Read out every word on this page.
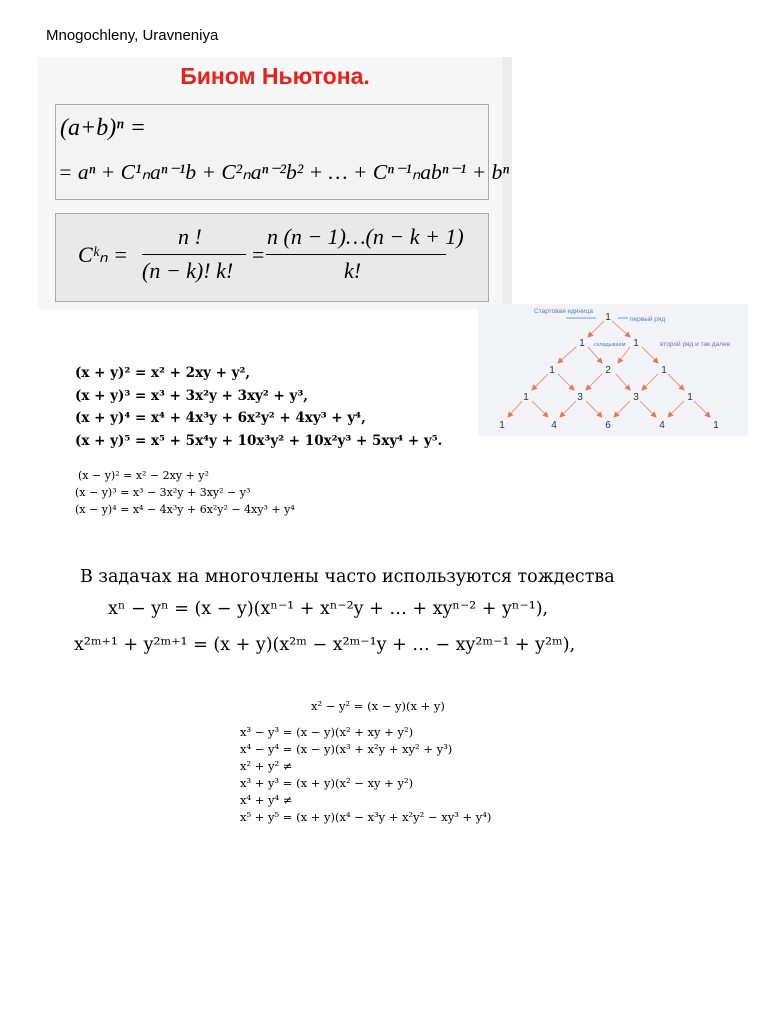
Mnogochleny, Uravneniya
Бином Ньютона.
(a+b)ⁿ =
= aⁿ + C¹ₙaⁿ⁻¹b + C²ₙaⁿ⁻²b² + … + Cⁿ⁻¹ₙabⁿ⁻¹ + bⁿ
Cᵏₙ =
n !
(n − k)! k!
=
n (n − 1)…(n − k + 1)
k!
Стартовая единица
первый ряд
второй ряд и так далее
складываем
1
1	1
1	2	1
1	3	3	1
1	4	6	4	1
(x + y)² = x² + 2xy + y²,
(x + y)³ = x³ + 3x²y + 3xy² + y³,
(x + y)⁴ = x⁴ + 4x³y + 6x²y² + 4xy³ + y⁴,
(x + y)⁵ = x⁵ + 5x⁴y + 10x³y² + 10x²y³ + 5xy⁴ + y⁵.
(x − y)² = x² − 2xy + y²
(x − y)³ = x³ − 3x²y + 3xy² − y³
(x − y)⁴ = x⁴ − 4x³y + 6x²y² − 4xy³ + y⁴
В задачах на многочлены часто используются тождества
xⁿ − yⁿ = (x − y)(xⁿ⁻¹ + xⁿ⁻²y + … + xyⁿ⁻² + yⁿ⁻¹),
x²ᵐ⁺¹ + y²ᵐ⁺¹ = (x + y)(x²ᵐ − x²ᵐ⁻¹y + … − xy²ᵐ⁻¹ + y²ᵐ),
x² − y² = (x − y)(x + y)
x³ − y³ = (x − y)(x² + xy + y²)
x⁴ − y⁴ = (x − y)(x³ + x²y + xy² + y³)
x² + y² ≠
x³ + y³ = (x + y)(x² − xy + y²)
x⁴ + y⁴ ≠
x⁵ + y⁵ = (x + y)(x⁴ − x³y + x²y² − xy³ + y⁴)
